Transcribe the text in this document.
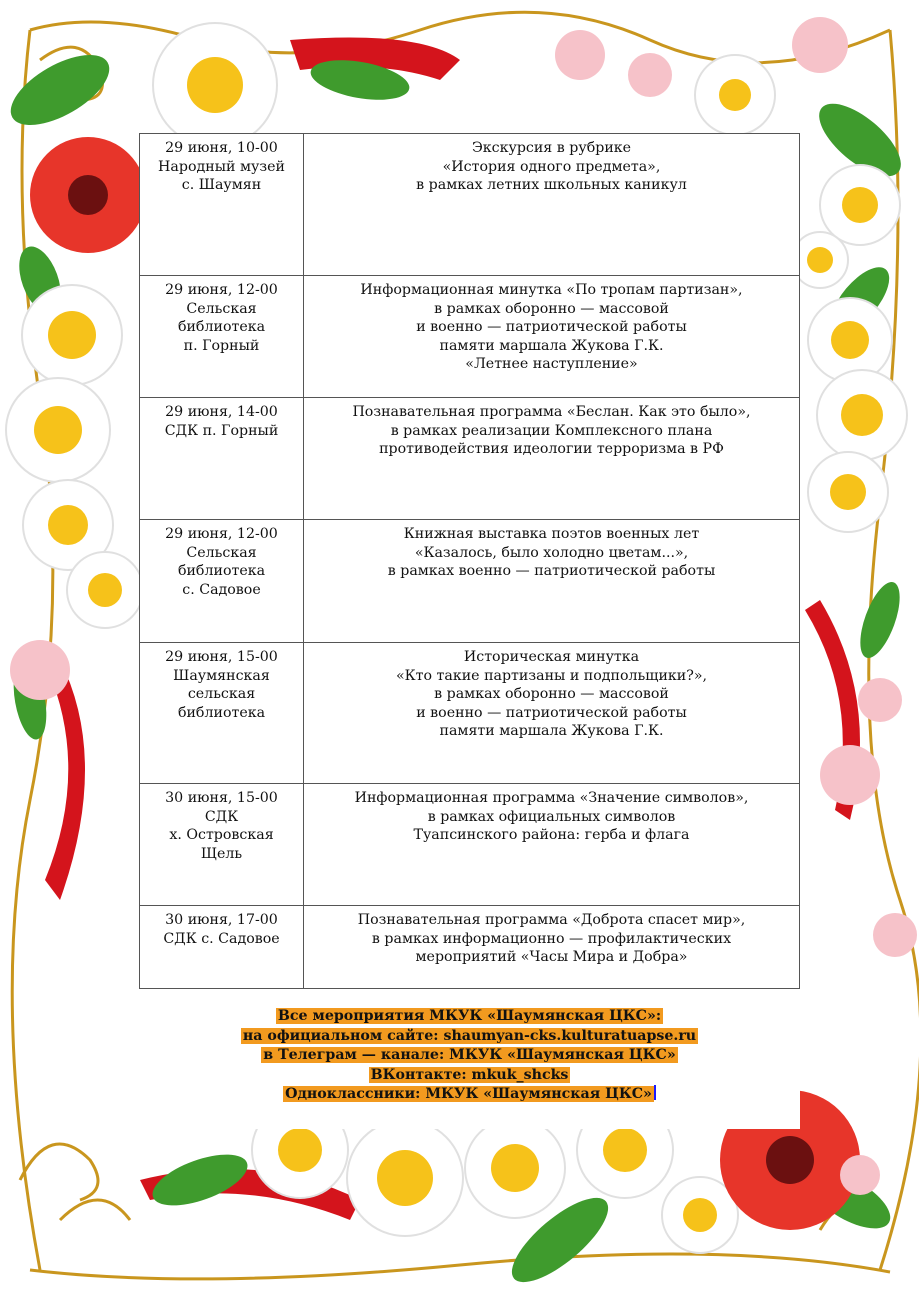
29 июня, 10-00
Народный музей
с. Шаумян	Экскурсия в рубрике
«История одного предмета»,
в рамках летних школьных каникул
29 июня, 12-00
Сельская
библиотека
п. Горный	Информационная минутка «По тропам партизан»,
в рамках оборонно — массовой
и военно — патриотической работы
памяти маршала Жукова Г.К.
«Летнее наступление»
29 июня, 14-00
СДК п. Горный	Познавательная программа «Беслан. Как это было»,
в рамках реализации Комплексного плана
противодействия идеологии терроризма в РФ
29 июня, 12-00
Сельская
библиотека
с. Садовое	Книжная выставка поэтов военных лет
«Казалось, было холодно цветам...»,
в рамках военно — патриотической работы
29 июня, 15-00
Шаумянская
сельская
библиотека	Историческая минутка
«Кто такие партизаны и подпольщики?»,
в рамках оборонно — массовой
и военно — патриотической работы
памяти маршала Жукова Г.К.
30 июня, 15-00
СДК
х. Островская
Щель	Информационная программа «Значение символов»,
в рамках официальных символов
Туапсинского района: герба и флага
30 июня, 17-00
СДК с. Садовое	Познавательная программа «Доброта спасет мир»,
в рамках информационно — профилактических
мероприятий «Часы Мира и Добра»
Все мероприятия МКУК «Шаумянская ЦКС»:
на официальном сайте: shaumyan-cks.kulturatuapse.ru
в Телеграм — канале: МКУК «Шаумянская ЦКС»
ВКонтакте: mkuk_shcks
Одноклассники: МКУК «Шаумянская ЦКС»
